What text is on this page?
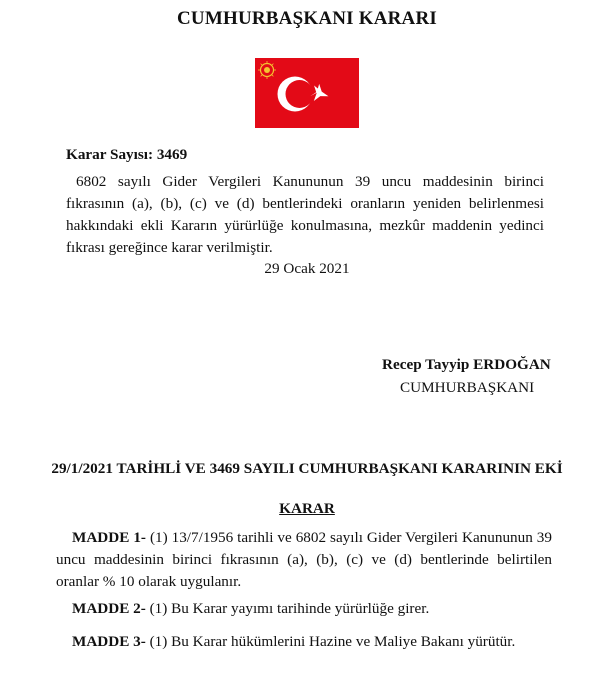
CUMHURBAŞKANI KARARI
Karar Sayısı: 3469
6802 sayılı Gider Vergileri Kanununun 39 uncu maddesinin birinci fıkrasının (a), (b), (c) ve (d) bentlerindeki oranların yeniden belirlenmesi hakkındaki ekli Kararın yürürlüğe konulmasına, mezkûr maddenin yedinci fıkrası gereğince karar verilmiştir.
29 Ocak 2021
Recep Tayyip ERDOĞAN
CUMHURBAŞKANI
29/1/2021 TARİHLİ VE 3469 SAYILI CUMHURBAŞKANI KARARININ EKİ
KARAR
MADDE 1- (1) 13/7/1956 tarihli ve 6802 sayılı Gider Vergileri Kanununun 39 uncu maddesinin birinci fıkrasının (a), (b), (c) ve (d) bentlerinde belirtilen oranlar % 10 olarak uygulanır.
MADDE 2- (1) Bu Karar yayımı tarihinde yürürlüğe girer.
MADDE 3- (1) Bu Karar hükümlerini Hazine ve Maliye Bakanı yürütür.
